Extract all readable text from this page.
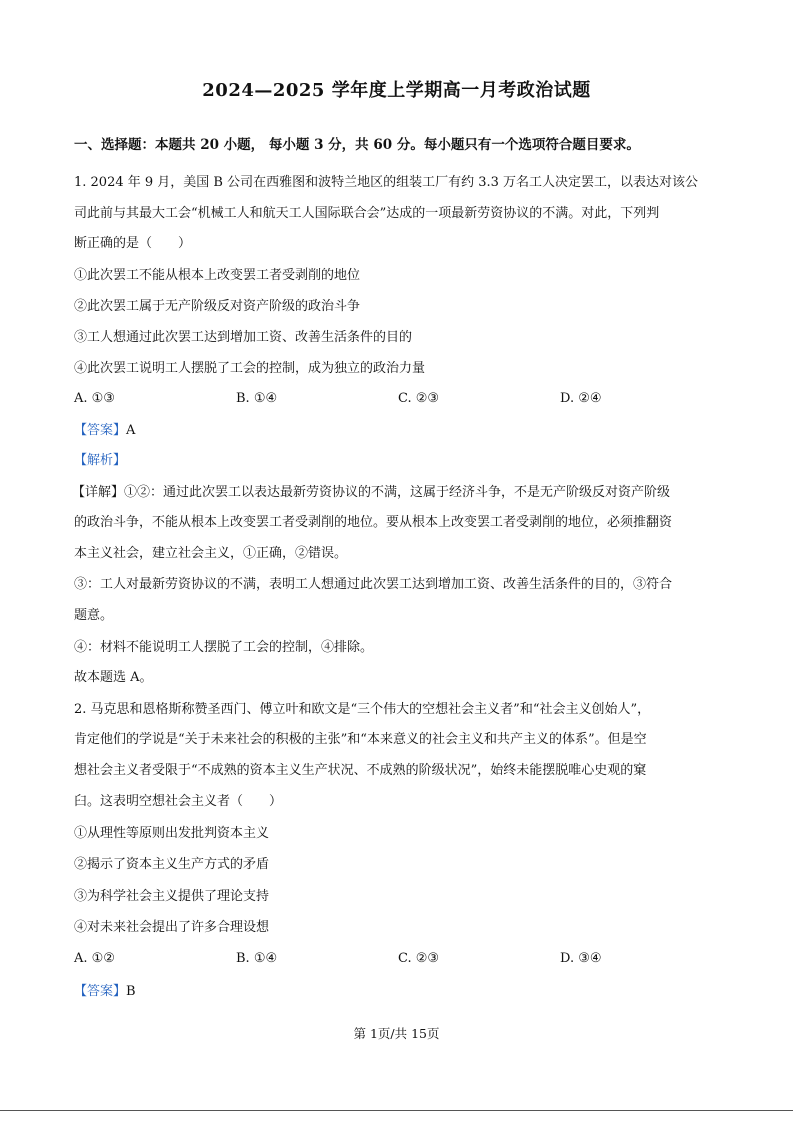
2024—2025 学年度上学期高一月考政治试题
一、选择题：本题共 20 小题， 每小题 3 分，共 60 分。每小题只有一个选项符合题目要求。
1. 2024 年 9 月，美国 B 公司在西雅图和波特兰地区的组装工厂有约 3.3 万名工人决定罢工，以表达对该公
司此前与其最大工会“机械工人和航天工人国际联合会”达成的一项最新劳资协议的不满。对此，下列判
断正确的是（　　）
①此次罢工不能从根本上改变罢工者受剥削的地位
②此次罢工属于无产阶级反对资产阶级的政治斗争
③工人想通过此次罢工达到增加工资、改善生活条件的目的
④此次罢工说明工人摆脱了工会的控制，成为独立的政治力量
A. ①③	B. ①④	C. ②③	D. ②④
【答案】A
【解析】
【详解】①②：通过此次罢工以表达最新劳资协议的不满，这属于经济斗争，不是无产阶级反对资产阶级
的政治斗争，不能从根本上改变罢工者受剥削的地位。要从根本上改变罢工者受剥削的地位，必须推翻资
本主义社会，建立社会主义，①正确，②错误。
③：工人对最新劳资协议的不满，表明工人想通过此次罢工达到增加工资、改善生活条件的目的，③符合
题意。
④：材料不能说明工人摆脱了工会的控制，④排除。
故本题选 A。
2. 马克思和恩格斯称赞圣西门、傅立叶和欧文是“三个伟大的空想社会主义者”和“社会主义创始人”，
肯定他们的学说是“关于未来社会的积极的主张”和“本来意义的社会主义和共产主义的体系”。但是空
想社会主义者受限于“不成熟的资本主义生产状况、不成熟的阶级状况”，始终未能摆脱唯心史观的窠
臼。这表明空想社会主义者（　　）
①从理性等原则出发批判资本主义
②揭示了资本主义生产方式的矛盾
③为科学社会主义提供了理论支持
④对未来社会提出了许多合理设想
A. ①②	B. ①④	C. ②③	D. ③④
【答案】B
第 1页/共 15页
